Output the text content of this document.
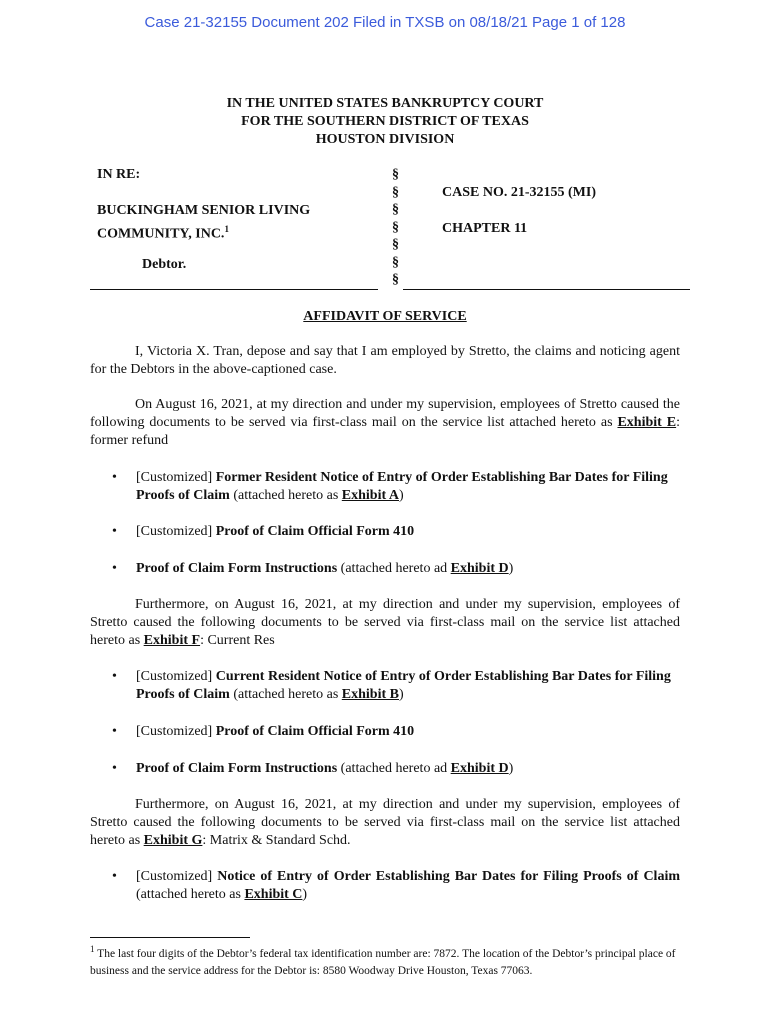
Case 21-32155 Document 202 Filed in TXSB on 08/18/21 Page 1 of 128
IN THE UNITED STATES BANKRUPTCY COURT
FOR THE SOUTHERN DISTRICT OF TEXAS
HOUSTON DIVISION
IN RE:
BUCKINGHAM SENIOR LIVING
COMMUNITY, INC.$^1$
Debtor.
§
§
§
§
§
§
§
CASE NO. 21-32155 (MI)
CHAPTER 11
AFFIDAVIT OF SERVICE
I, Victoria X. Tran, depose and say that I am employed by Stretto, the claims and noticing agent for the Debtors in the above-captioned case.
On August 16, 2021, at my direction and under my supervision, employees of Stretto caused the following documents to be served via first-class mail on the service list attached hereto as Exhibit E: former refund
• [Customized] Former Resident Notice of Entry of Order Establishing Bar Dates for Filing Proofs of Claim (attached hereto as Exhibit A)
• [Customized] Proof of Claim Official Form 410
• Proof of Claim Form Instructions (attached hereto ad Exhibit D)
Furthermore, on August 16, 2021, at my direction and under my supervision, employees of Stretto caused the following documents to be served via first-class mail on the service list attached hereto as Exhibit F: Current Res
• [Customized] Current Resident Notice of Entry of Order Establishing Bar Dates for Filing Proofs of Claim (attached hereto as Exhibit B)
• [Customized] Proof of Claim Official Form 410
• Proof of Claim Form Instructions (attached hereto ad Exhibit D)
Furthermore, on August 16, 2021, at my direction and under my supervision, employees of Stretto caused the following documents to be served via first-class mail on the service list attached hereto as Exhibit G: Matrix & Standard Schd.
• [Customized] Notice of Entry of Order Establishing Bar Dates for Filing Proofs of Claim (attached hereto as Exhibit C)
$^1$ The last four digits of the Debtor’s federal tax identification number are: 7872. The location of the Debtor’s principal place of business and the service address for the Debtor is: 8580 Woodway Drive Houston, Texas 77063.
